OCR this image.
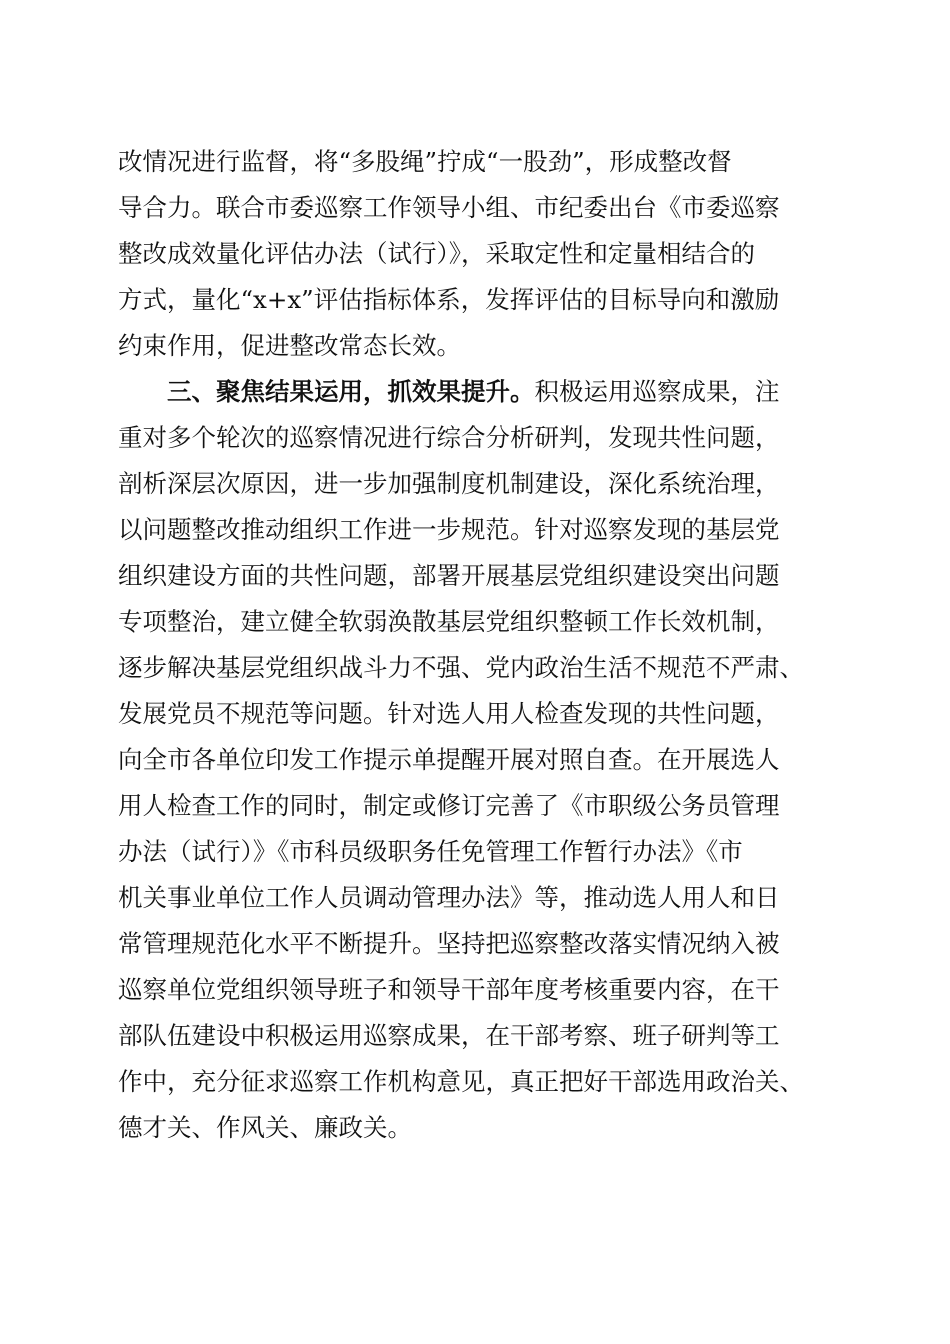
改情况进行监督，将“多股绳”拧成“一股劲”，形成整改督
导合力。联合市委巡察工作领导小组、市纪委出台《市委巡察
整改成效量化评估办法（试行）》，采取定性和定量相结合的
方式，量化“x+x”评估指标体系，发挥评估的目标导向和激励
约束作用，促进整改常态长效。
三、聚焦结果运用，抓效果提升。积极运用巡察成果，注
重对多个轮次的巡察情况进行综合分析研判，发现共性问题，
剖析深层次原因，进一步加强制度机制建设，深化系统治理，
以问题整改推动组织工作进一步规范。针对巡察发现的基层党
组织建设方面的共性问题，部署开展基层党组织建设突出问题
专项整治，建立健全软弱涣散基层党组织整顿工作长效机制，
逐步解决基层党组织战斗力不强、党内政治生活不规范不严肃、
发展党员不规范等问题。针对选人用人检查发现的共性问题，
向全市各单位印发工作提示单提醒开展对照自查。在开展选人
用人检查工作的同时，制定或修订完善了《市职级公务员管理
办法（试行）》《市科员级职务任免管理工作暂行办法》《市
机关事业单位工作人员调动管理办法》等，推动选人用人和日
常管理规范化水平不断提升。坚持把巡察整改落实情况纳入被
巡察单位党组织领导班子和领导干部年度考核重要内容，在干
部队伍建设中积极运用巡察成果，在干部考察、班子研判等工
作中，充分征求巡察工作机构意见，真正把好干部选用政治关、
德才关、作风关、廉政关。
